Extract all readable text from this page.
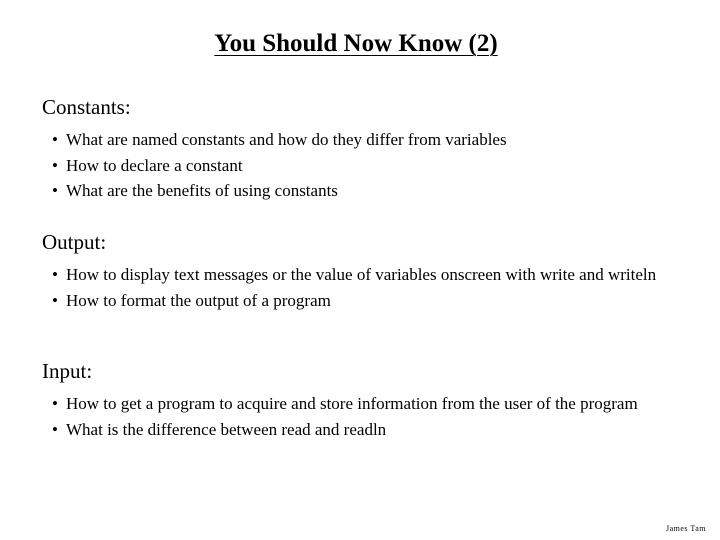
You Should Now Know (2)
Constants:
• What are named constants and how do they differ from variables
• How to declare a constant
• What are the benefits of using constants
Output:
• How to display text messages or the value of variables onscreen with write and writeln
• How to format the output of a program
Input:
• How to get a program to acquire and store information from the user of the program
• What is the difference between read and readln
James Tam
